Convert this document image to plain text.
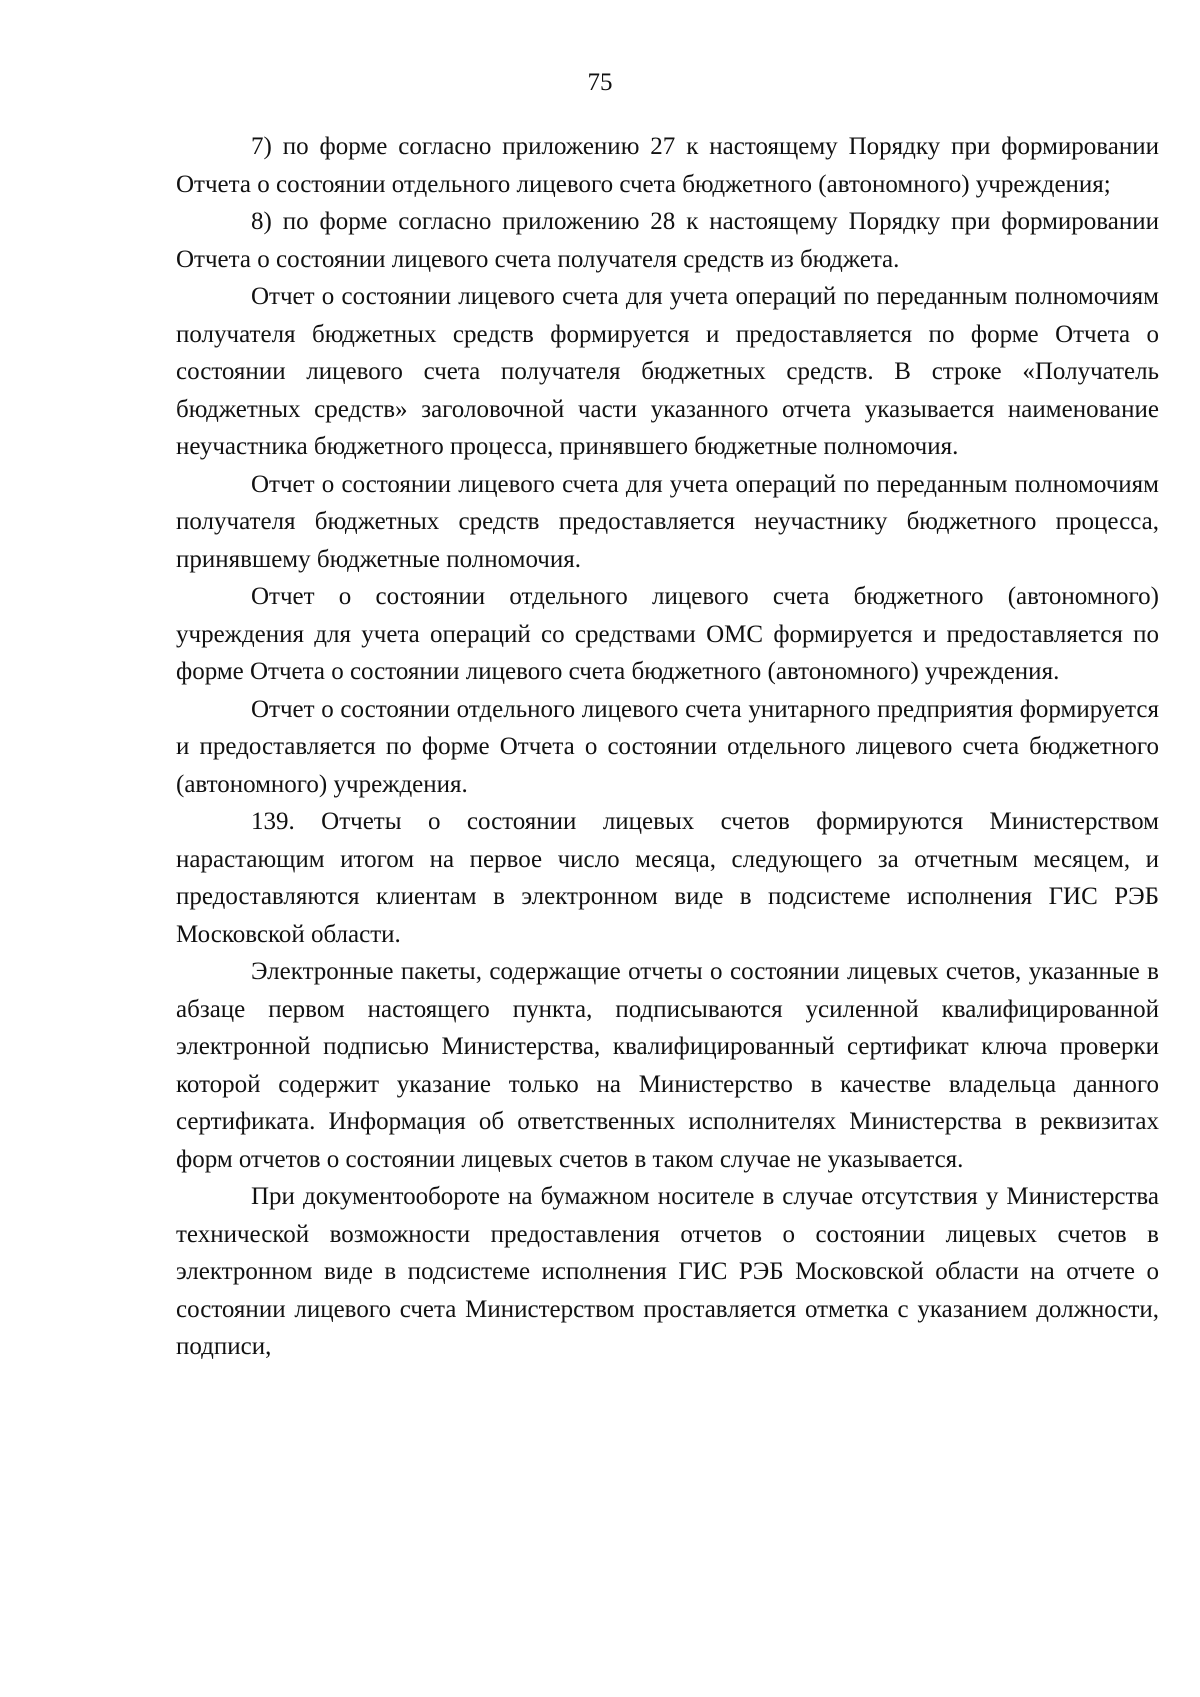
75

7) по форме согласно приложению 27 к настоящему Порядку при формировании Отчета о состоянии отдельного лицевого счета бюджетного (автономного) учреждения;

8) по форме согласно приложению 28 к настоящему Порядку при формировании Отчета о состоянии лицевого счета получателя средств из бюджета.

Отчет о состоянии лицевого счета для учета операций по переданным полномочиям получателя бюджетных средств формируется и предоставляется по форме Отчета о состоянии лицевого счета получателя бюджетных средств. В строке «Получатель бюджетных средств» заголовочной части указанного отчета указывается наименование неучастника бюджетного процесса, принявшего бюджетные полномочия.

Отчет о состоянии лицевого счета для учета операций по переданным полномочиям получателя бюджетных средств предоставляется неучастнику бюджетного процесса, принявшему бюджетные полномочия.

Отчет о состоянии отдельного лицевого счета бюджетного (автономного) учреждения для учета операций со средствами ОМС формируется и предоставляется по форме Отчета о состоянии лицевого счета бюджетного (автономного) учреждения.

Отчет о состоянии отдельного лицевого счета унитарного предприятия формируется и предоставляется по форме Отчета о состоянии отдельного лицевого счета бюджетного (автономного) учреждения.

139. Отчеты о состоянии лицевых счетов формируются Министерством нарастающим итогом на первое число месяца, следующего за отчетным месяцем, и предоставляются клиентам в электронном виде в подсистеме исполнения ГИС РЭБ Московской области.

Электронные пакеты, содержащие отчеты о состоянии лицевых счетов, указанные в абзаце первом настоящего пункта, подписываются усиленной квалифицированной электронной подписью Министерства, квалифицированный сертификат ключа проверки которой содержит указание только на Министерство в качестве владельца данного сертификата. Информация об ответственных исполнителях Министерства в реквизитах форм отчетов о состоянии лицевых счетов в таком случае не указывается.

При документообороте на бумажном носителе в случае отсутствия у Министерства технической возможности предоставления отчетов о состоянии лицевых счетов в электронном виде в подсистеме исполнения ГИС РЭБ Московской области на отчете о состоянии лицевого счета Министерством проставляется отметка с указанием должности, подписи,
